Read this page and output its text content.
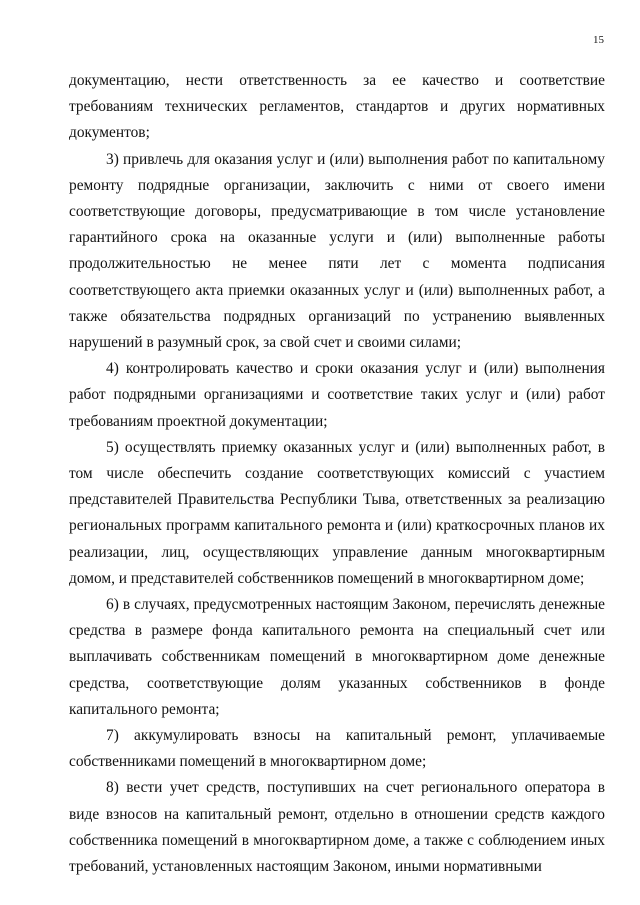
15

документацию, нести ответственность за ее качество и соответствие требованиям технических регламентов, стандартов и других нормативных документов;

3) привлечь для оказания услуг и (или) выполнения работ по капитальному ремонту подрядные организации, заключить с ними от своего имени соответствующие договоры, предусматривающие в том числе установление гарантийного срока на оказанные услуги и (или) выполненные работы продолжительностью не менее пяти лет с момента подписания соответствующего акта приемки оказанных услуг и (или) выполненных работ, а также обязательства подрядных организаций по устранению выявленных нарушений в разумный срок, за свой счет и своими силами;

4) контролировать качество и сроки оказания услуг и (или) выполнения работ подрядными организациями и соответствие таких услуг и (или) работ требованиям проектной документации;

5) осуществлять приемку оказанных услуг и (или) выполненных работ, в том числе обеспечить создание соответствующих комиссий с участием представителей Правительства Республики Тыва, ответственных за реализацию региональных программ капитального ремонта и (или) краткосрочных планов их реализации, лиц, осуществляющих управление данным многоквартирным домом, и представителей собственников помещений в многоквартирном доме;

6) в случаях, предусмотренных настоящим Законом, перечислять денежные средства в размере фонда капитального ремонта на специальный счет или выплачивать собственникам помещений в многоквартирном доме денежные средства, соответствующие долям указанных собственников в фонде капитального ремонта;

7) аккумулировать взносы на капитальный ремонт, уплачиваемые собственниками помещений в многоквартирном доме;

8) вести учет средств, поступивших на счет регионального оператора в виде взносов на капитальный ремонт, отдельно в отношении средств каждого собственника помещений в многоквартирном доме, а также с соблюдением иных требований, установленных настоящим Законом, иными нормативными
